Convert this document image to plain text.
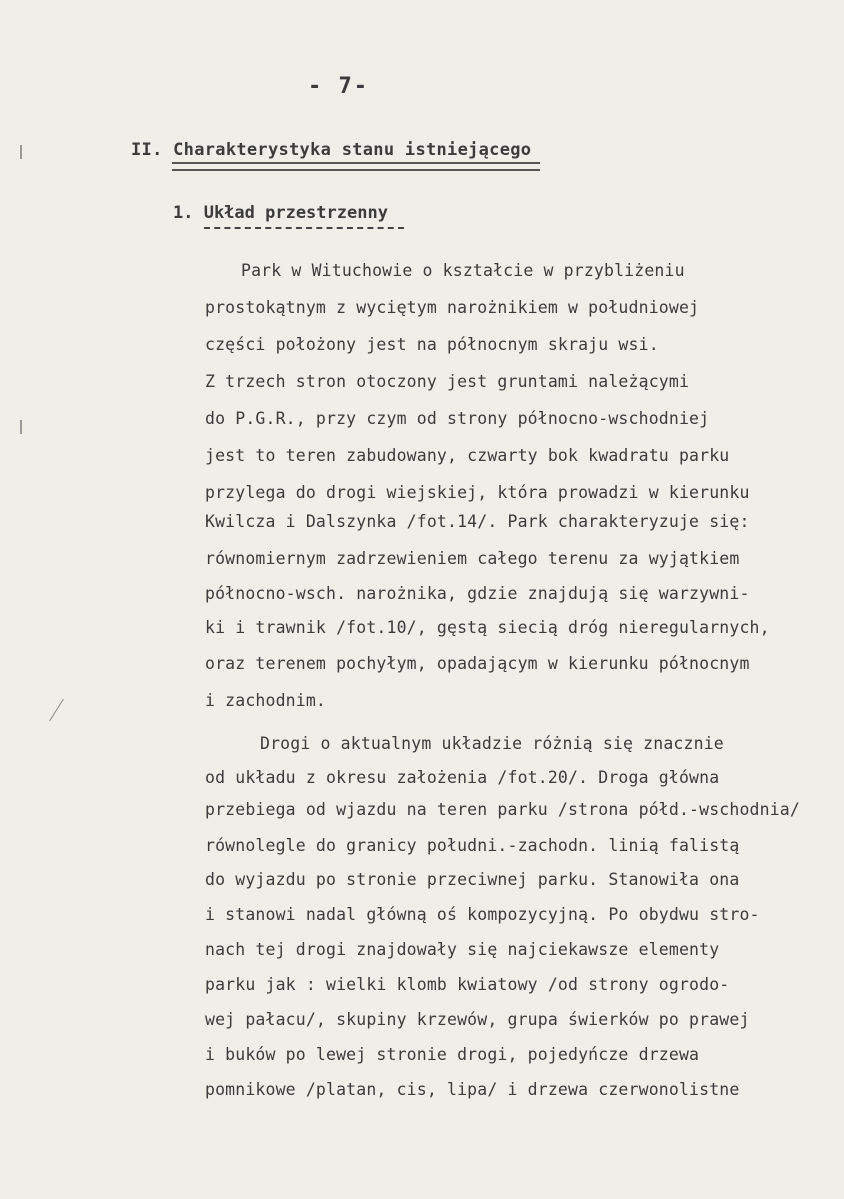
- 7-
II. Charakterystyka stanu istniejącego
1. Układ przestrzenny
Park w Wituchowie o kształcie w przybliżeniu
prostokątnym z wyciętym narożnikiem w południowej
części położony jest na północnym skraju wsi.
Z trzech stron otoczony jest gruntami należącymi
do P.G.R., przy czym od strony północno-wschodniej
jest to teren zabudowany, czwarty bok kwadratu parku
przylega do drogi wiejskiej, która prowadzi w kierunku
Kwilcza i Dalszynka /fot.14/. Park charakteryzuje się:
równomiernym zadrzewieniem całego terenu za wyjątkiem
północno-wsch. narożnika, gdzie znajdują się warzywni-
ki i trawnik /fot.10/, gęstą siecią dróg nieregularnych,
oraz terenem pochyłym, opadającym w kierunku północnym
i zachodnim.
Drogi o aktualnym układzie różnią się znacznie
od układu z okresu założenia /fot.20/. Droga główna
przebiega od wjazdu na teren parku /strona półd.-wschodnia/
równolegle do granicy południ.-zachodn. linią falistą
do wyjazdu po stronie przeciwnej parku. Stanowiła ona
i stanowi nadal główną oś kompozycyjną. Po obydwu stro-
nach tej drogi znajdowały się najciekawsze elementy
parku jak : wielki klomb kwiatowy /od strony ogrodo-
wej pałacu/, skupiny krzewów, grupa świerków po prawej
i buków po lewej stronie drogi, pojedyńcze drzewa
pomnikowe /platan, cis, lipa/ i drzewa czerwonolistne
